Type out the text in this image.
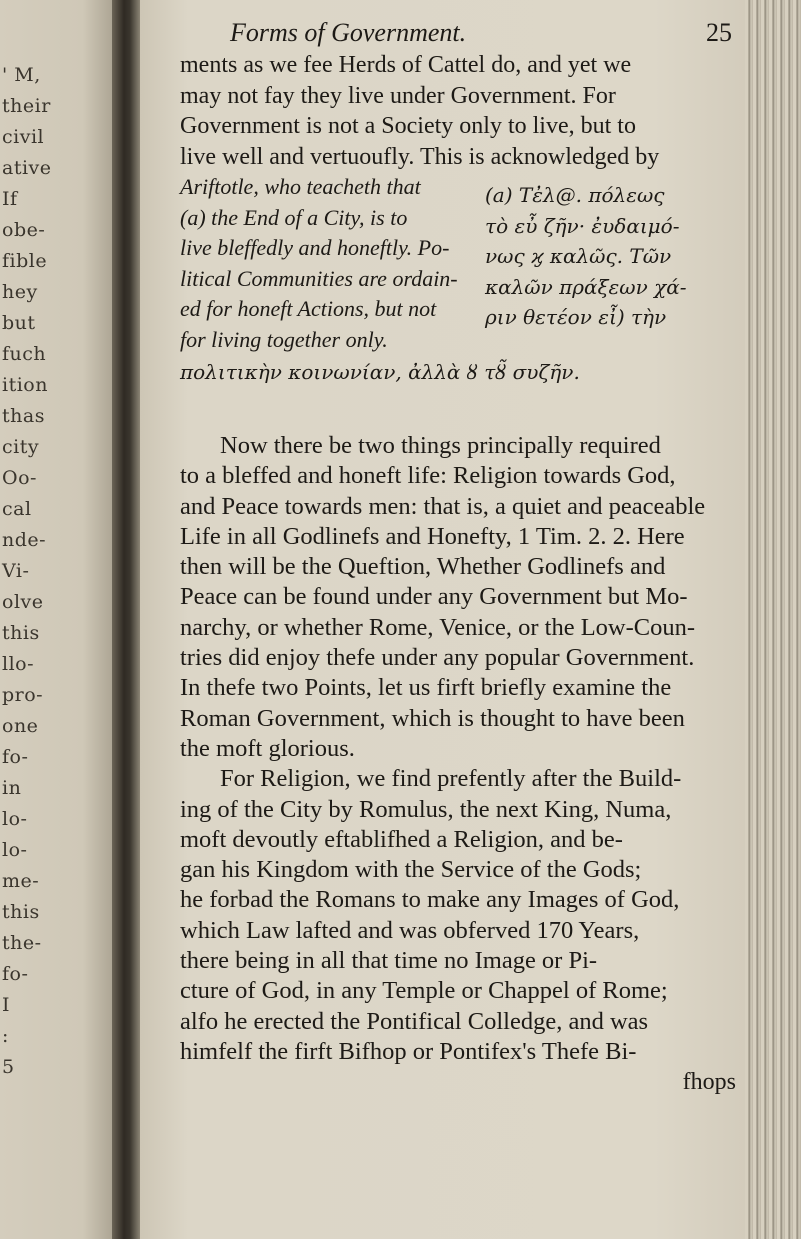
' M,
their
civil
ative
If
obe-
fible
hey
but
fuch
ition
thas
city
Oo-
cal
nde-
Vi-
olve
this
llo-
pro-
one
fo-
in
lo-
lo-
me-
this
the-
fo-
I
:
5
Forms of Government.	25
ments as we fee Herds of Cattel do, and yet we
may not fay they live under Government. For
Government is not a Society only to live, but to
live well and vertuoufly. This is acknowledged by
Ariftotle, who teacheth that
(a) the End of a City, is to
live bleffedly and honeftly. Po-
litical Communities are ordain-
ed for honeft Actions, but not
for living together only.
(a) Τἐλ@. πόλεως
τὸ εὖ ζῆν· ἐυδαιμό-
νως ϗ καλῶς. Τῶν
καλῶν πράξεων χά-
ριν θετέον εἶ) τὴν
πολιτικὴν κοινωνίαν, ἀλλὰ ȣ τȣ̃ συζῆν.
Now there be two things principally required
to a bleffed and honeft life: Religion towards God,
and Peace towards men: that is, a quiet and peaceable
Life in all Godlinefs and Honefty, 1 Tim. 2. 2. Here
then will be the Queftion, Whether Godlinefs and
Peace can be found under any Government but Mo-
narchy, or whether Rome, Venice, or the Low-Coun-
tries did enjoy thefe under any popular Government.
In thefe two Points, let us firft briefly examine the
Roman Government, which is thought to have been
the moft glorious.
For Religion, we find prefently after the Build-
ing of the City by Romulus, the next King, Numa,
moft devoutly eftablifhed a Religion, and be-
gan his Kingdom with the Service of the Gods;
he forbad the Romans to make any Images of God,
which Law lafted and was obferved 170 Years,
there being in all that time no Image or Pi-
cture of God, in any Temple or Chappel of Rome;
alfo he erected the Pontifical Colledge, and was
himfelf the firft Bifhop or Pontifex's Thefe Bi-
fhops
